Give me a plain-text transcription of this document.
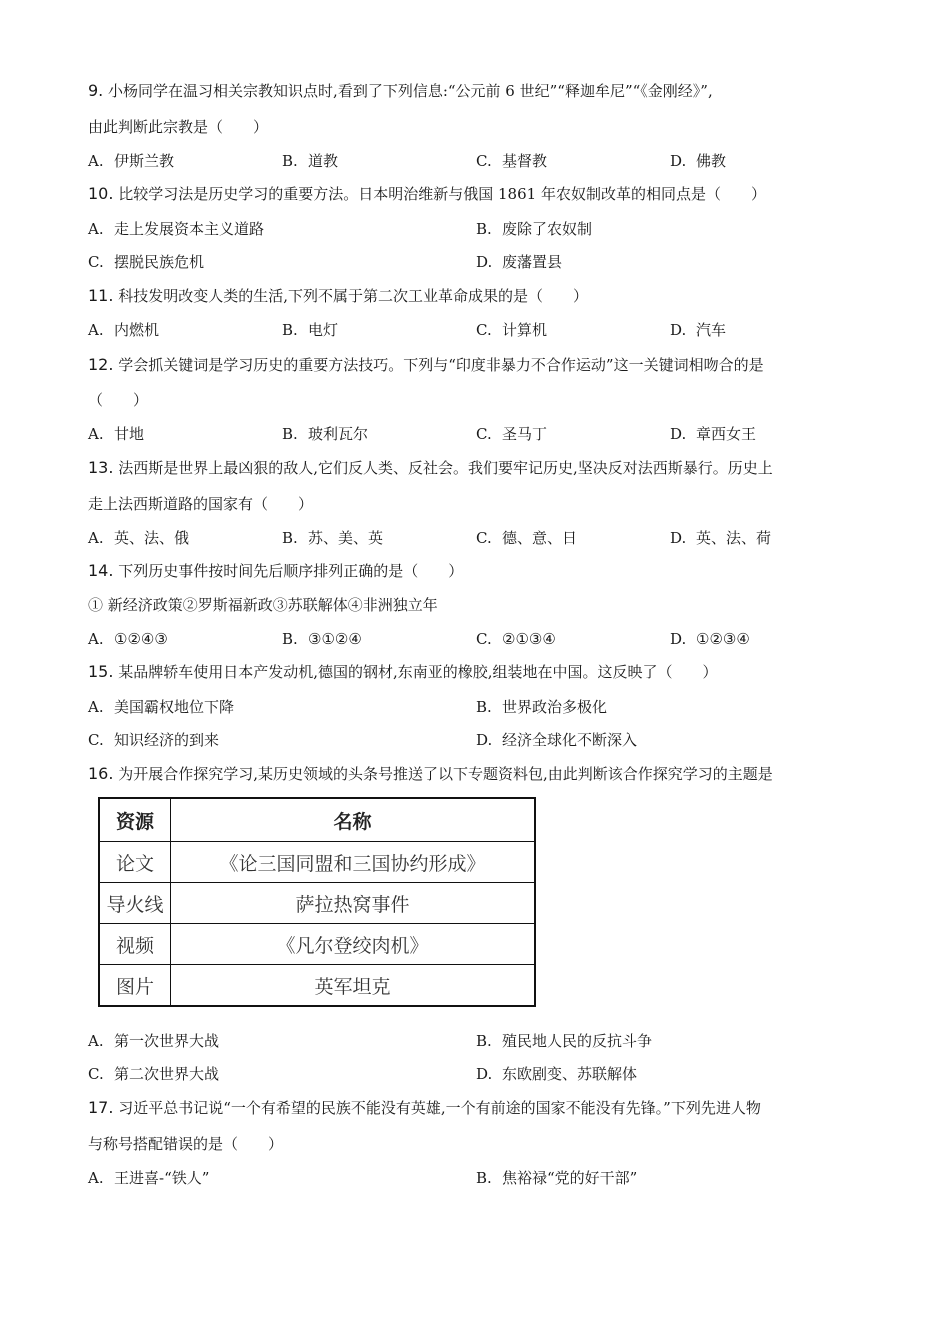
9. 小杨同学在温习相关宗教知识点时,看到了下列信息:“公元前 6 世纪”“释迦牟尼”“《金刚经》”,
由此判断此宗教是（　　）
A. 伊斯兰教	B. 道教	C. 基督教	D. 佛教
10. 比较学习法是历史学习的重要方法。日本明治维新与俄国 1861 年农奴制改革的相同点是（　　）
A. 走上发展资本主义道路	B. 废除了农奴制
C. 摆脱民族危机	D. 废藩置县
11. 科技发明改变人类的生活,下列不属于第二次工业革命成果的是（　　）
A. 内燃机	B. 电灯	C. 计算机	D. 汽车
12. 学会抓关键词是学习历史的重要方法技巧。下列与“印度非暴力不合作运动”这一关键词相吻合的是
（　　）
A. 甘地	B. 玻利瓦尔	C. 圣马丁	D. 章西女王
13. 法西斯是世界上最凶狠的敌人,它们反人类、反社会。我们要牢记历史,坚决反对法西斯暴行。历史上
走上法西斯道路的国家有（　　）
A. 英、法、俄	B. 苏、美、英	C. 德、意、日	D. 英、法、荷
14. 下列历史事件按时间先后顺序排列正确的是（　　）
① 新经济政策②罗斯福新政③苏联解体④非洲独立年
A. ①②④③	B. ③①②④	C. ②①③④	D. ①②③④
15. 某品牌轿车使用日本产发动机,德国的钢材,东南亚的橡胶,组装地在中国。这反映了（　　）
A. 美国霸权地位下降	B. 世界政治多极化
C. 知识经济的到来	D. 经济全球化不断深入
16. 为开展合作探究学习,某历史领域的头条号推送了以下专题资料包,由此判断该合作探究学习的主题是
资源	名称
论文	《论三国同盟和三国协约形成》
导火线	萨拉热窝事件
视频	《凡尔登绞肉机》
图片	英军坦克
A. 第一次世界大战	B. 殖民地人民的反抗斗争
C. 第二次世界大战	D. 东欧剧变、苏联解体
17. 习近平总书记说“一个有希望的民族不能没有英雄,一个有前途的国家不能没有先锋。”下列先进人物
与称号搭配错误的是（　　）
A. 王进喜-“铁人”	B. 焦裕禄“党的好干部”
